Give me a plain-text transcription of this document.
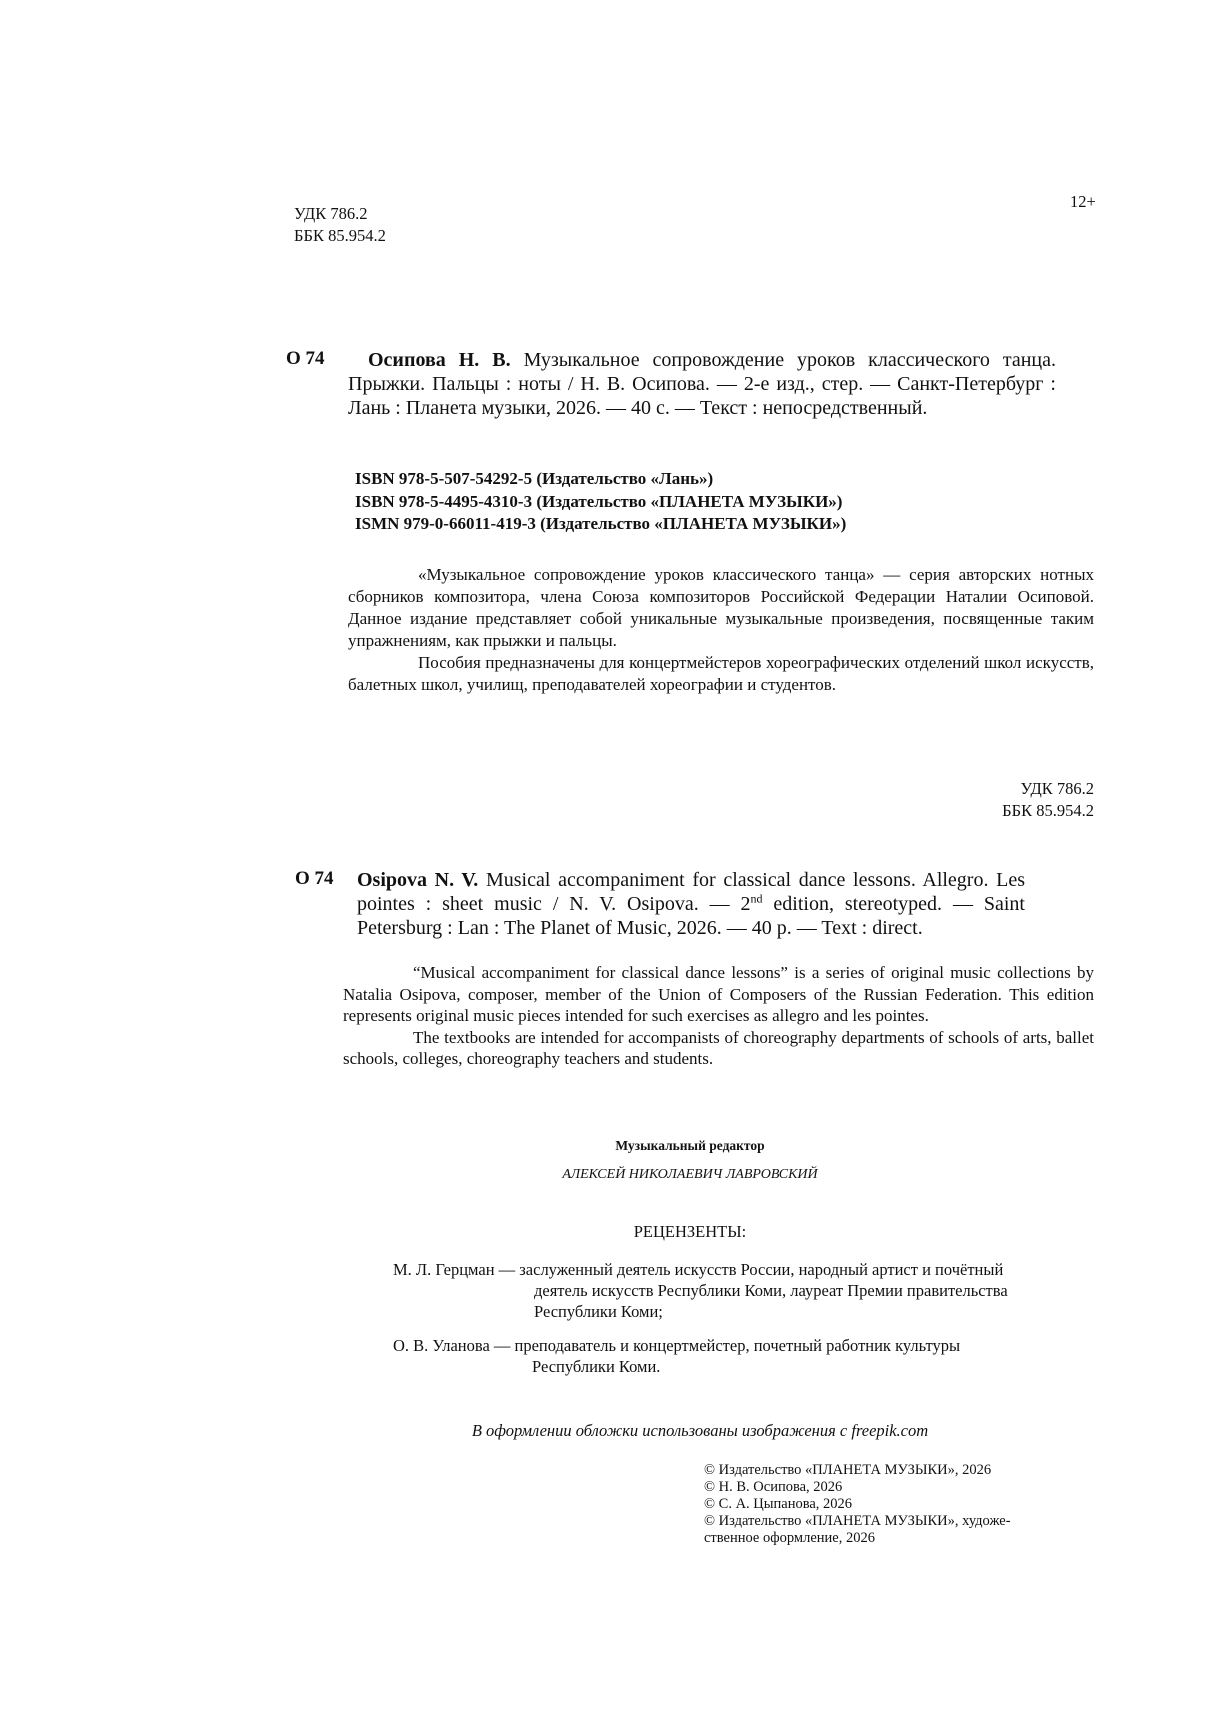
УДК 786.2
ББК 85.954.2
12+
О 74	Осипова Н. В. Музыкальное сопровождение уроков классического танца. Прыжки. Пальцы : ноты / Н. В. Осипова. — 2-е изд., стер. — Санкт-Петербург : Лань : Планета музыки, 2026. — 40 с. — Текст : непосредственный.
ISBN 978-5-507-54292-5 (Издательство «Лань»)
ISBN 978-5-4495-4310-3 (Издательство «ПЛАНЕТА МУЗЫКИ»)
ISMN 979-0-66011-419-3 (Издательство «ПЛАНЕТА МУЗЫКИ»)

«Музыкальное сопровождение уроков классического танца» — серия авторских нотных сборников композитора, члена Союза композиторов Российской Федерации Наталии Осиповой. Данное издание представляет собой уникальные музыкальные произведения, посвященные таким упражнениям, как прыжки и пальцы.

Пособия предназначены для концертмейстеров хореографических отделений школ искусств, балетных школ, училищ, преподавателей хореографии и студентов.

УДК 786.2
ББК 85.954.2
О 74 Osipova N. V. Musical accompaniment for classical dance lessons. Allegro. Les pointes : sheet music / N. V. Osipova. — 2nd edition, stereotyped. — Saint Petersburg : Lan : The Planet of Music, 2026. — 40 p. — Text : direct.

“Musical accompaniment for classical dance lessons” is a series of original music collections by Natalia Osipova, composer, member of the Union of Composers of the Russian Federation. This edition represents original music pieces intended for such exercises as allegro and les pointes.

The textbooks are intended for accompanists of choreography departments of schools of arts, ballet schools, colleges, choreography teachers and students.

Музыкальный редактор
АЛЕКСЕЙ НИКОЛАЕВИЧ ЛАВРОВСКИЙ
РЕЦЕНЗЕНТЫ:
М. Л. Герцман — заслуженный деятель искусств России, народный артист и почётный
деятель искусств Республики Коми, лауреат Премии правительства
Республики Коми;
О. В. Уланова — преподаватель и концертмейстер, почетный работник культуры
Республики Коми.
В оформлении обложки использованы изображения с freepik.com
© Издательство «ПЛАНЕТА МУЗЫКИ», 2026
© Н. В. Осипова, 2026
© С. А. Цыпанова, 2026
© Издательство «ПЛАНЕТА МУЗЫКИ», художе-
ственное оформление, 2026
